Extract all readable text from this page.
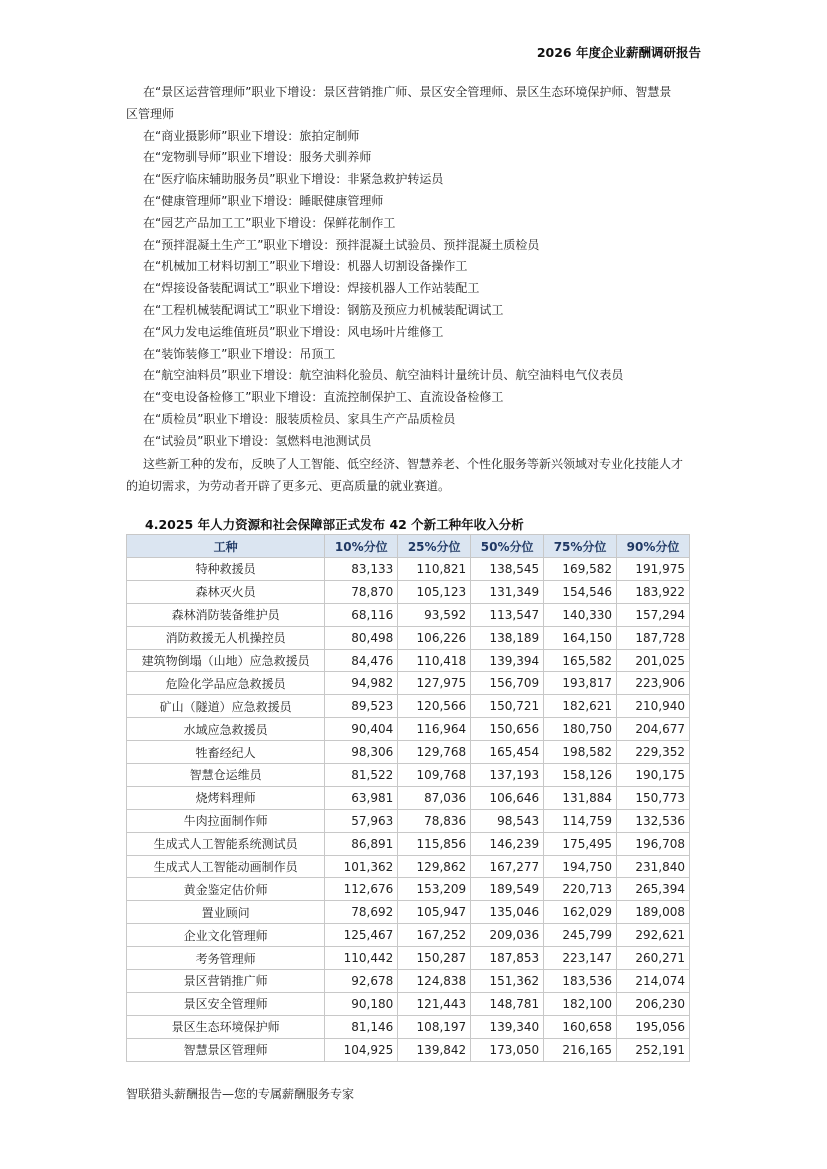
2026 年度企业薪酬调研报告

在“景区运营管理师”职业下增设：景区营销推广师、景区安全管理师、景区生态环境保护师、智慧景

区管理师

在“商业摄影师”职业下增设：旅拍定制师

在“宠物驯导师”职业下增设：服务犬驯养师

在“医疗临床辅助服务员”职业下增设：非紧急救护转运员

在“健康管理师”职业下增设：睡眠健康管理师

在“园艺产品加工工”职业下增设：保鲜花制作工

在“预拌混凝土生产工”职业下增设：预拌混凝土试验员、预拌混凝土质检员

在“机械加工材料切割工”职业下增设：机器人切割设备操作工

在“焊接设备装配调试工”职业下增设：焊接机器人工作站装配工

在“工程机械装配调试工”职业下增设：钢筋及预应力机械装配调试工

在“风力发电运维值班员”职业下增设：风电场叶片维修工

在“装饰装修工”职业下增设：吊顶工

在“航空油料员”职业下增设：航空油料化验员、航空油料计量统计员、航空油料电气仪表员

在“变电设备检修工”职业下增设：直流控制保护工、直流设备检修工

在“质检员”职业下增设：服装质检员、家具生产产品质检员

在“试验员”职业下增设：氢燃料电池测试员

这些新工种的发布，反映了人工智能、低空经济、智慧养老、个性化服务等新兴领域对专业化技能人才

的迫切需求，为劳动者开辟了更多元、更高质量的就业赛道。

4.2025 年人力资源和社会保障部正式发布 42 个新工种年收入分析
工种	10%分位	25%分位	50%分位	75%分位	90%分位
特种救援员	83,133	110,821	138,545	169,582	191,975
森林灭火员	78,870	105,123	131,349	154,546	183,922
森林消防装备维护员	68,116	93,592	113,547	140,330	157,294
消防救援无人机操控员	80,498	106,226	138,189	164,150	187,728
建筑物倒塌（山地）应急救援员	84,476	110,418	139,394	165,582	201,025
危险化学品应急救援员	94,982	127,975	156,709	193,817	223,906
矿山（隧道）应急救援员	89,523	120,566	150,721	182,621	210,940
水域应急救援员	90,404	116,964	150,656	180,750	204,677
牲畜经纪人	98,306	129,768	165,454	198,582	229,352
智慧仓运维员	81,522	109,768	137,193	158,126	190,175
烧烤料理师	63,981	87,036	106,646	131,884	150,773
牛肉拉面制作师	57,963	78,836	98,543	114,759	132,536
生成式人工智能系统测试员	86,891	115,856	146,239	175,495	196,708
生成式人工智能动画制作员	101,362	129,862	167,277	194,750	231,840
黄金鉴定估价师	112,676	153,209	189,549	220,713	265,394
置业顾问	78,692	105,947	135,046	162,029	189,008
企业文化管理师	125,467	167,252	209,036	245,799	292,621
考务管理师	110,442	150,287	187,853	223,147	260,271
景区营销推广师	92,678	124,838	151,362	183,536	214,074
景区安全管理师	90,180	121,443	148,781	182,100	206,230
景区生态环境保护师	81,146	108,197	139,340	160,658	195,056
智慧景区管理师	104,925	139,842	173,050	216,165	252,191
智联猎头薪酬报告—您的专属薪酬服务专家
